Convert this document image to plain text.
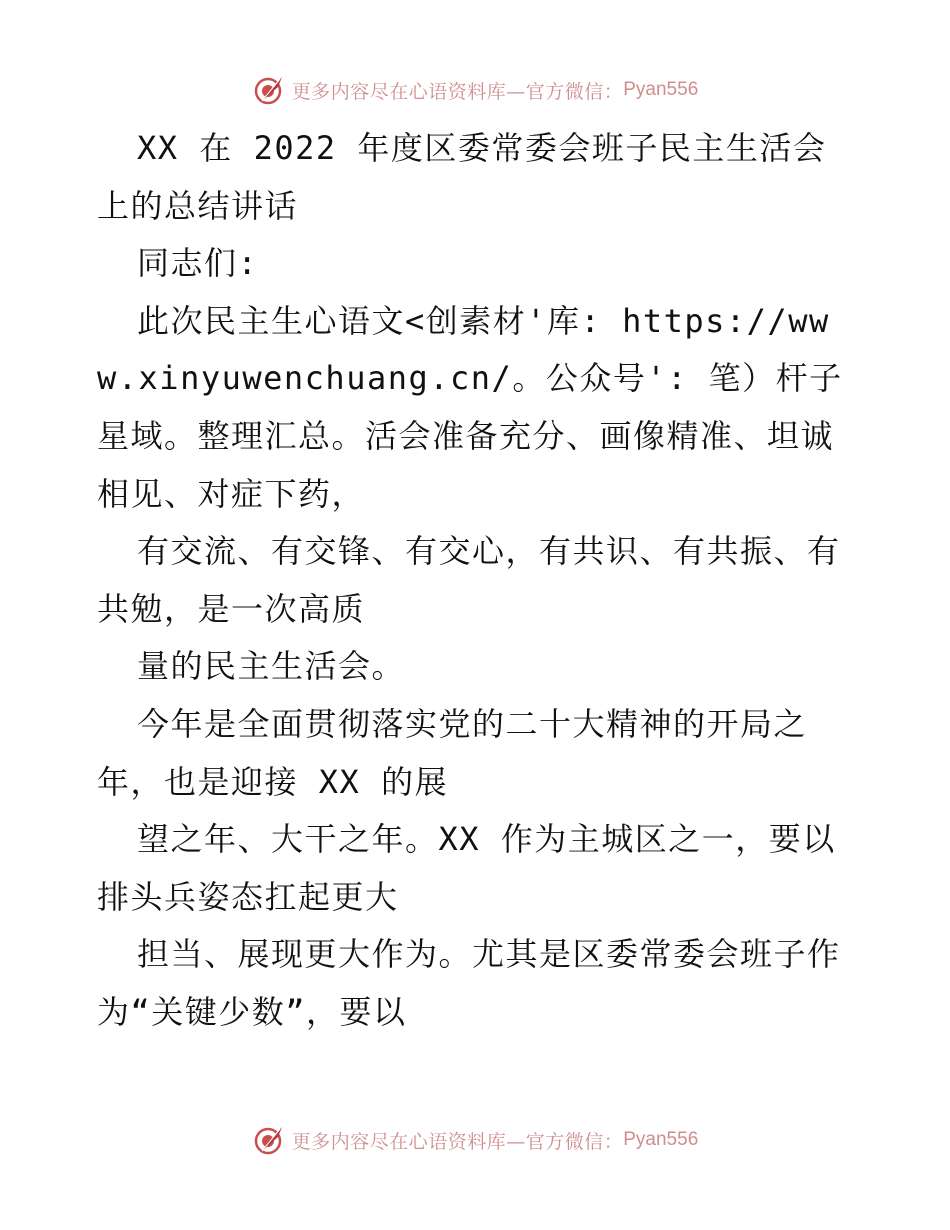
更多内容尽在心语资料库—官方微信： Pyan556

XX 在 2022 年度区委常委会班子民主生活会上的总结讲话

同志们:

此次民主生心语文<创素材'库: https://www.xinyuwenchuang.cn/。公众号': 笔）杆子星域。整理汇总。活会准备充分、画像精准、坦诚相见、对症下药，

有交流、有交锋、有交心，有共识、有共振、有共勉，是一次高质

量的民主生活会。

今年是全面贯彻落实党的二十大精神的开局之年，也是迎接 XX 的展

望之年、大干之年。XX 作为主城区之一，要以排头兵姿态扛起更大

担当、展现更大作为。尤其是区委常委会班子作为“关键少数”，要以

更多内容尽在心语资料库—官方微信： Pyan556
